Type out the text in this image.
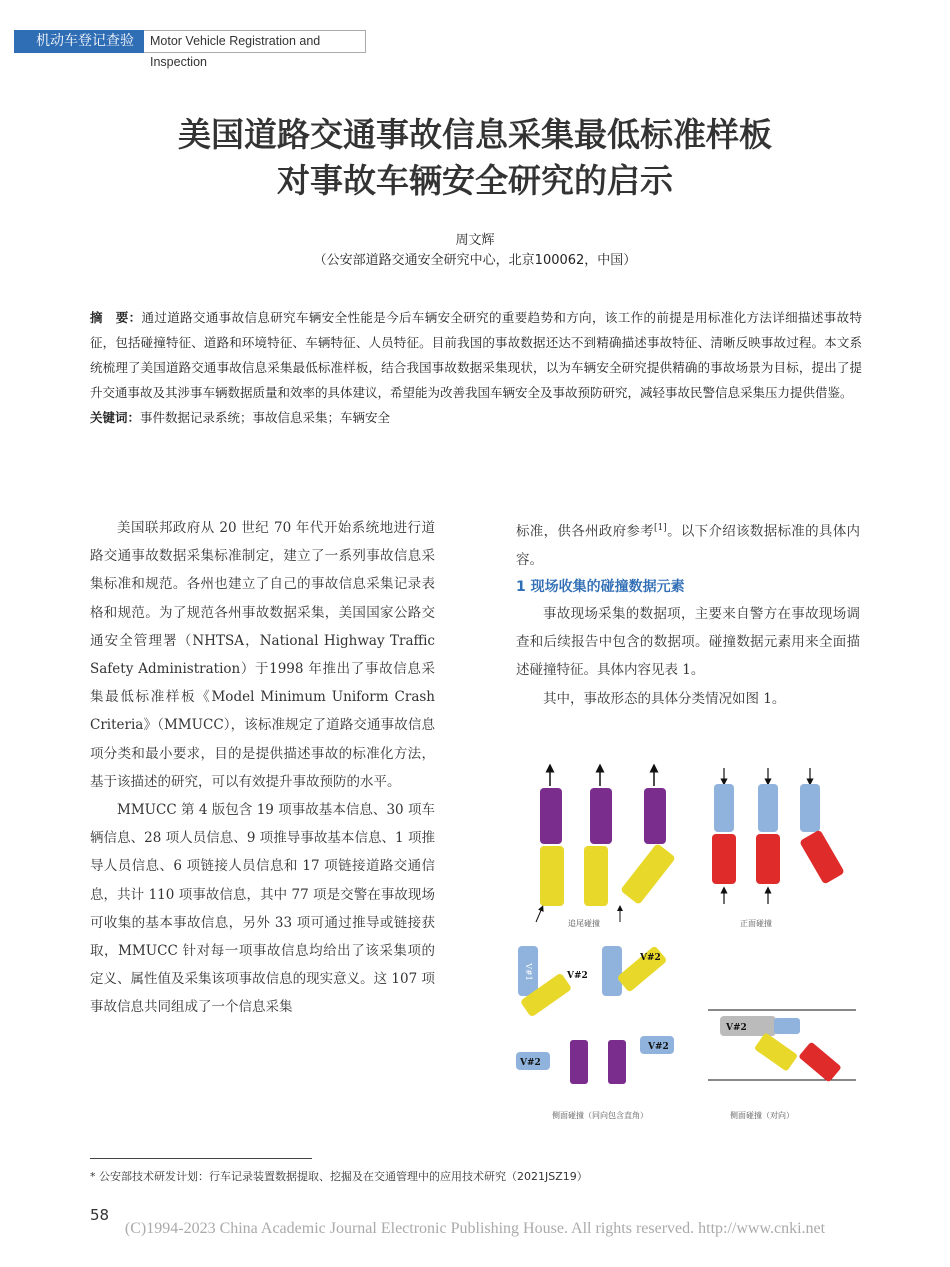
机动车登记查验	Motor Vehicle Registration and Inspection
美国道路交通事故信息采集最低标准样板
对事故车辆安全研究的启示
周文辉
（公安部道路交通安全研究中心，北京100062，中国）
摘　要：通过道路交通事故信息研究车辆安全性能是今后车辆安全研究的重要趋势和方向，该工作的前提是用标准化方法详细描述事故特征，包括碰撞特征、道路和环境特征、车辆特征、人员特征。目前我国的事故数据还达不到精确描述事故特征、清晰反映事故过程。本文系统梳理了美国道路交通事故信息采集最低标准样板，结合我国事故数据采集现状，以为车辆安全研究提供精确的事故场景为目标，提出了提升交通事故及其涉事车辆数据质量和效率的具体建议，希望能为改善我国车辆安全及事故预防研究，减轻事故民警信息采集压力提供借鉴。
关键词：事件数据记录系统；事故信息采集；车辆安全

美国联邦政府从 20 世纪 70 年代开始系统地进行道路交通事故数据采集标准制定，建立了一系列事故信息采集标准和规范。各州也建立了自己的事故信息采集记录表格和规范。为了规范各州事故数据采集，美国国家公路交通安全管理署（NHTSA，National Highway Traffic Safety Administration）于1998 年推出了事故信息采集最低标准样板《Model Minimum Uniform Crash Criteria》（MMUCC），该标准规定了道路交通事故信息项分类和最小要求，目的是提供描述事故的标准化方法，基于该描述的研究，可以有效提升事故预防的水平。

MMUCC 第 4 版包含 19 项事故基本信息、30 项车辆信息、28 项人员信息、9 项推导事故基本信息、1 项推导人员信息、6 项链接人员信息和 17 项链接道路交通信息，共计 110 项事故信息，其中 77 项是交警在事故现场可收集的基本事故信息，另外 33 项可通过推导或链接获取，MMUCC 针对每一项事故信息均给出了该采集项的定义、属性值及采集该项事故信息的现实意义。这 107 项事故信息共同组成了一个信息采集

标准，供各州政府参考[1]。以下介绍该数据标准的具体内容。

1 现场收集的碰撞数据元素

事故现场采集的数据项，主要来自警方在事故现场调查和后续报告中包含的数据项。碰撞数据元素用来全面描述碰撞特征。具体内容见表 1。

其中，事故形态的具体分类情况如图 1。

V#1	V#2
V#2
V#2
V#2
V#2
追尾碰撞	正面碰撞
侧面碰撞（同向包含直角）	侧面碰撞（对向）
* 公安部技术研发计划：行车记录装置数据提取、挖掘及在交通管理中的应用技术研究（2021JSZ19）
58
(C)1994-2023 China Academic Journal Electronic Publishing House. All rights reserved. http://www.cnki.net
